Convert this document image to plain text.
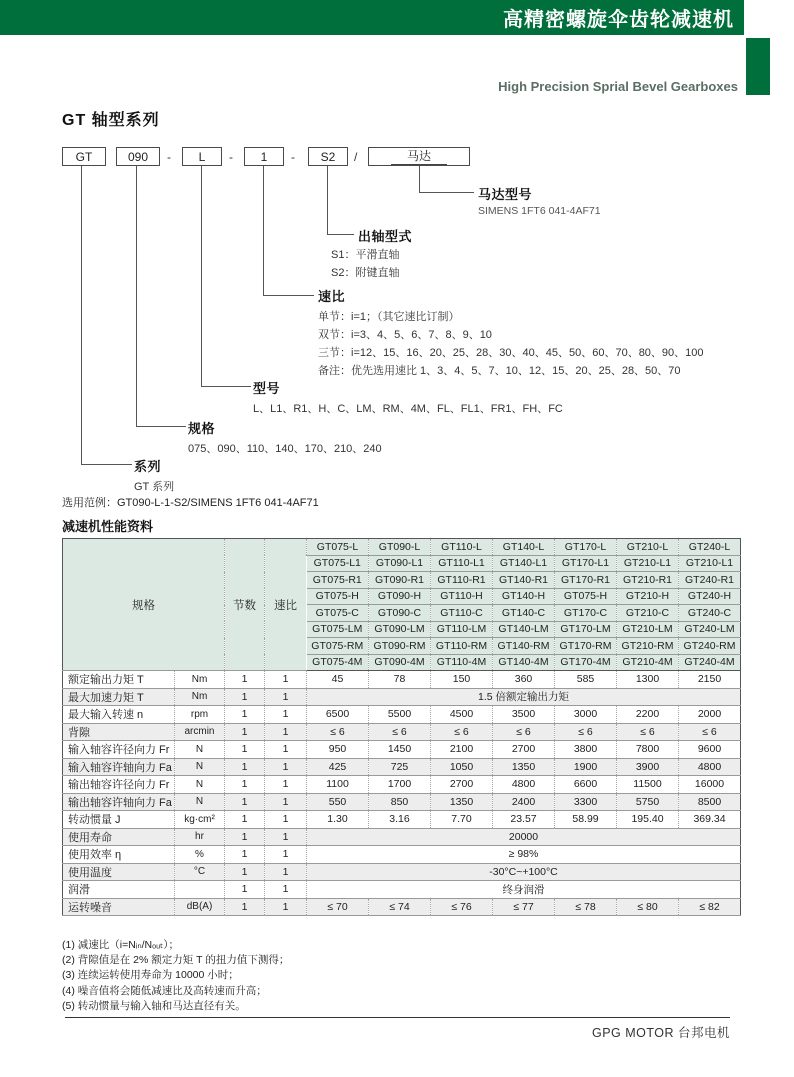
高精密螺旋伞齿轮减速机
High Precision Sprial Bevel Gearboxes
GT 轴型系列
GT	090	-	L	-	1	-	S2	/	马达
马达型号
SIMENS 1FT6 041-4AF71
出轴型式
S1：平滑直轴
S2：附键直轴
速比
单节：i=1；（其它速比订制）
双节：i=3、4、5、6、7、8、9、10
三节：i=12、15、16、20、25、28、30、40、45、50、60、70、80、90、100
备注：优先选用速比 1、3、4、5、7、10、12、15、20、25、28、50、70
型号
L、L1、R1、H、C、LM、RM、4M、FL、FL1、FR1、FH、FC
规格
075、090、110、140、170、210、240
系列
GT 系列
选用范例：GT090-L-1-S2/SIMENS 1FT6 041-4AF71
减速机性能资料
规格		节数	速比	GT075-L	GT090-L	GT110-L	GT140-L	GT170-L	GT210-L	GT240-L
				GT075-L1	GT090-L1	GT110-L1	GT140-L1	GT170-L1	GT210-L1	GT210-L1
				GT075-R1	GT090-R1	GT110-R1	GT140-R1	GT170-R1	GT210-R1	GT240-R1
				GT075-H	GT090-H	GT110-H	GT140-H	GT075-H	GT210-H	GT240-H
				GT075-C	GT090-C	GT110-C	GT140-C	GT170-C	GT210-C	GT240-C
				GT075-LM	GT090-LM	GT110-LM	GT140-LM	GT170-LM	GT210-LM	GT240-LM
				GT075-RM	GT090-RM	GT110-RM	GT140-RM	GT170-RM	GT210-RM	GT240-RM
				GT075-4M	GT090-4M	GT110-4M	GT140-4M	GT170-4M	GT210-4M	GT240-4M
额定输出力矩 T	Nm	1	1	45	78	150	360	585	1300	2150
最大加速力矩 T	Nm	1	1	1.5 倍额定输出力矩						
最大输入转速 n	rpm	1	1	6500	5500	4500	3500	3000	2200	2000
背隙	arcmin	1	1	≤ 6	≤ 6	≤ 6	≤ 6	≤ 6	≤ 6	≤ 6
输入轴容许径向力 Fr	N	1	1	950	1450	2100	2700	3800	7800	9600
输入轴容许轴向力 Fa	N	1	1	425	725	1050	1350	1900	3900	4800
输出轴容许径向力 Fr	N	1	1	1100	1700	2700	4800	6600	11500	16000
输出轴容许轴向力 Fa	N	1	1	550	850	1350	2400	3300	5750	8500
转动惯量 J	kg·cm²	1	1	1.30	3.16	7.70	23.57	58.99	195.40	369.34
使用寿命	hr	1	1	20000						
使用效率 η	%	1	1	≥ 98%						
使用温度	°C	1	1	-30°C~+100°C						
润滑		1	1	终身润滑						
运转噪音	dB(A)	1	1	≤ 70	≤ 74	≤ 76	≤ 77	≤ 78	≤ 80	≤ 82
(1) 减速比（i=Nᵢₙ/Nₒᵤₜ）；
(2) 背隙值是在 2% 额定力矩 T 的扭力值下测得；
(3) 连续运转使用寿命为 10000 小时；
(4) 噪音值将会随低减速比及高转速而升高；
(5) 转动惯量与输入轴和马达直径有关。
GPG MOTOR 台邦电机
